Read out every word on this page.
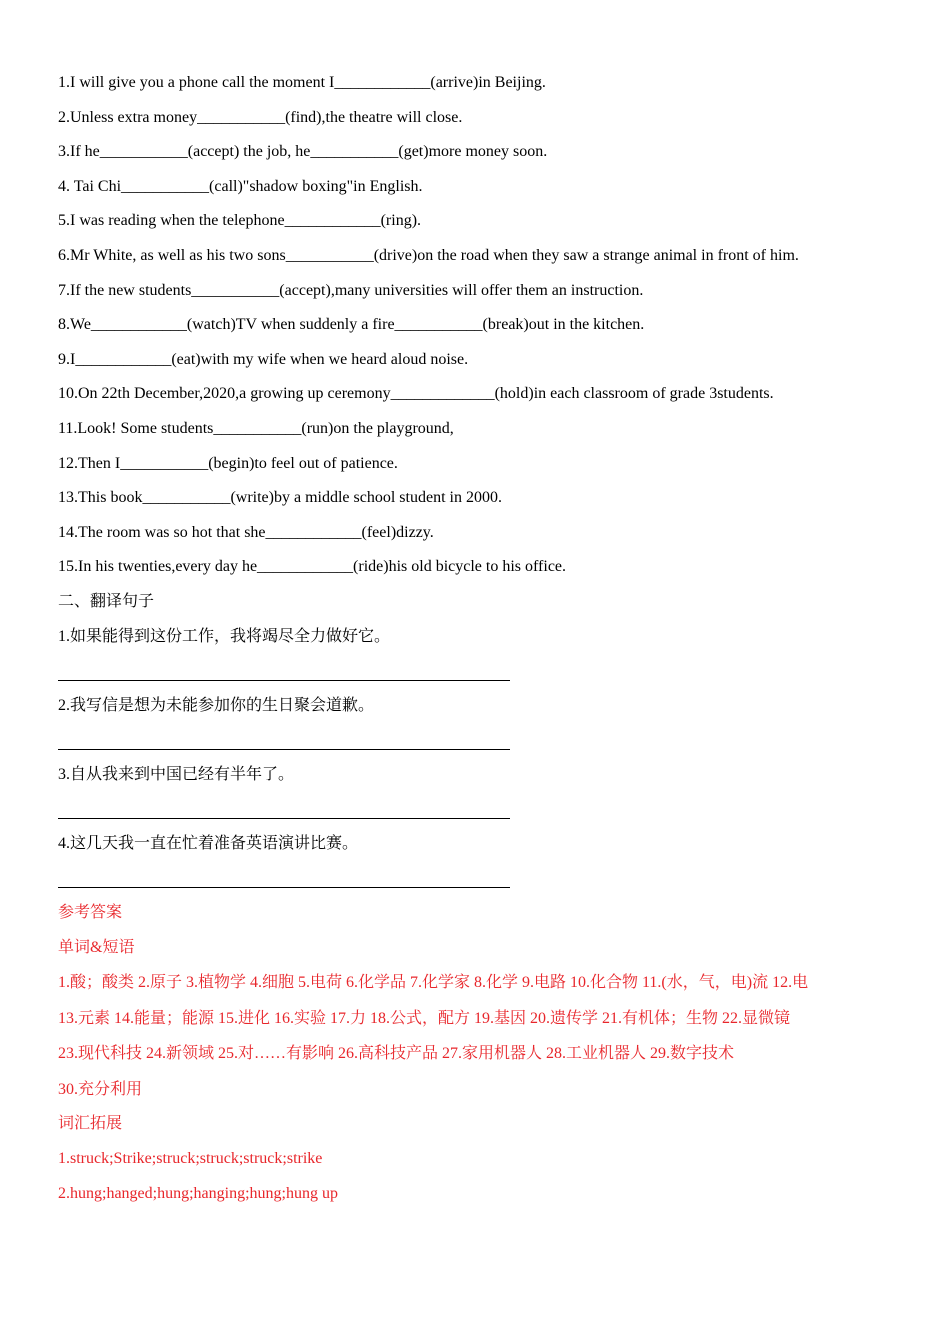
1.I will give you a phone call the moment I____________(arrive)in Beijing.
2.Unless extra money___________(find),the theatre will close.
3.If he___________(accept) the job, he___________(get)more money soon.
4. Tai Chi___________(call)"shadow boxing"in English.
5.I was reading when the telephone____________(ring).
6.Mr White, as well as his two sons___________(drive)on the road when they saw a strange animal in front of him.
7.If the new students___________(accept),many universities will offer them an instruction.
8.We____________(watch)TV when suddenly a fire___________(break)out in the kitchen.
9.I____________(eat)with my wife when we heard aloud noise.
10.On 22th December,2020,a growing up ceremony_____________(hold)in each classroom of grade 3students.
11.Look! Some students___________(run)on the playground,
12.Then I___________(begin)to feel out of patience.
13.This book___________(write)by a middle school student in 2000.
14.The room was so hot that she____________(feel)dizzy.
15.In his twenties,every day he____________(ride)his old bicycle to his office.
二、翻译句子
1.如果能得到这份工作，我将竭尽全力做好它。
2.我写信是想为未能参加你的生日聚会道歉。
3.自从我来到中国已经有半年了。
4.这几天我一直在忙着准备英语演讲比赛。
参考答案
单词&短语
1.酸；酸类 2.原子 3.植物学 4.细胞 5.电荷 6.化学品 7.化学家 8.化学 9.电路 10.化合物 11.(水，气，电)流 12.电
13.元素 14.能量；能源 15.进化 16.实验 17.力 18.公式，配方 19.基因 20.遗传学 21.有机体；生物 22.显微镜
23.现代科技 24.新领域 25.对……有影响 26.高科技产品 27.家用机器人 28.工业机器人 29.数字技术
30.充分利用
词汇拓展
1.struck;Strike;struck;struck;struck;strike
2.hung;hanged;hung;hanging;hung;hung up
